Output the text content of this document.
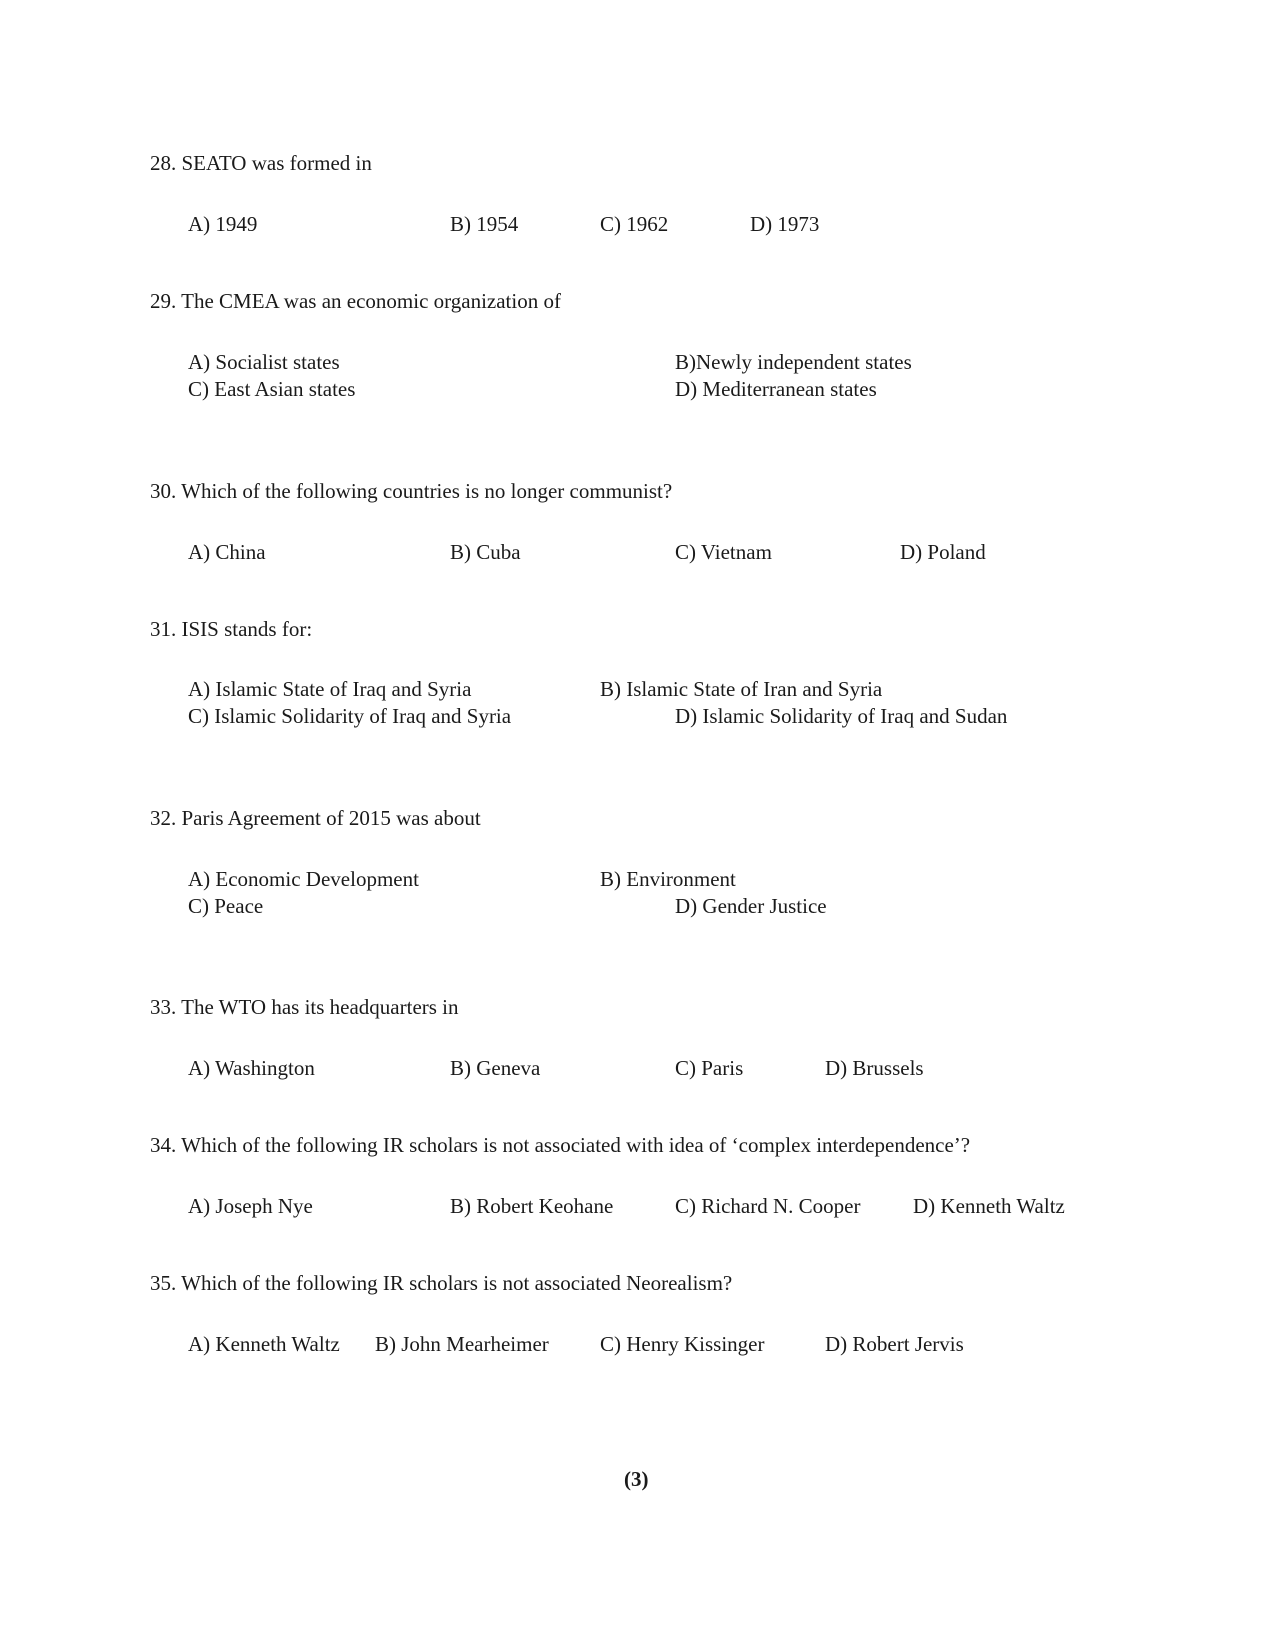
28. SEATO was formed in
A) 1949	B) 1954	C) 1962	D) 1973
29. The CMEA was an economic organization of
A) Socialist states	B)Newly independent states
C) East Asian states	D) Mediterranean states
30. Which of the following countries is no longer communist?
A) China	B) Cuba	C) Vietnam	D) Poland
31. ISIS stands for:
A) Islamic State of Iraq and Syria	B) Islamic State of Iran and Syria
C) Islamic Solidarity of Iraq and Syria	D) Islamic Solidarity of Iraq and Sudan
32. Paris Agreement of 2015 was about
A) Economic Development	B) Environment
C) Peace	D) Gender Justice
33. The WTO has its headquarters in
A) Washington	B) Geneva	C) Paris	D) Brussels
34. Which of the following IR scholars is not associated with idea of ‘complex interdependence’?
A) Joseph Nye	B) Robert Keohane	C) Richard N. Cooper	D) Kenneth Waltz
35. Which of the following IR scholars is not associated Neorealism?
A) Kenneth Waltz B) John Mearheimer C) Henry Kissinger	D) Robert Jervis
(3)
